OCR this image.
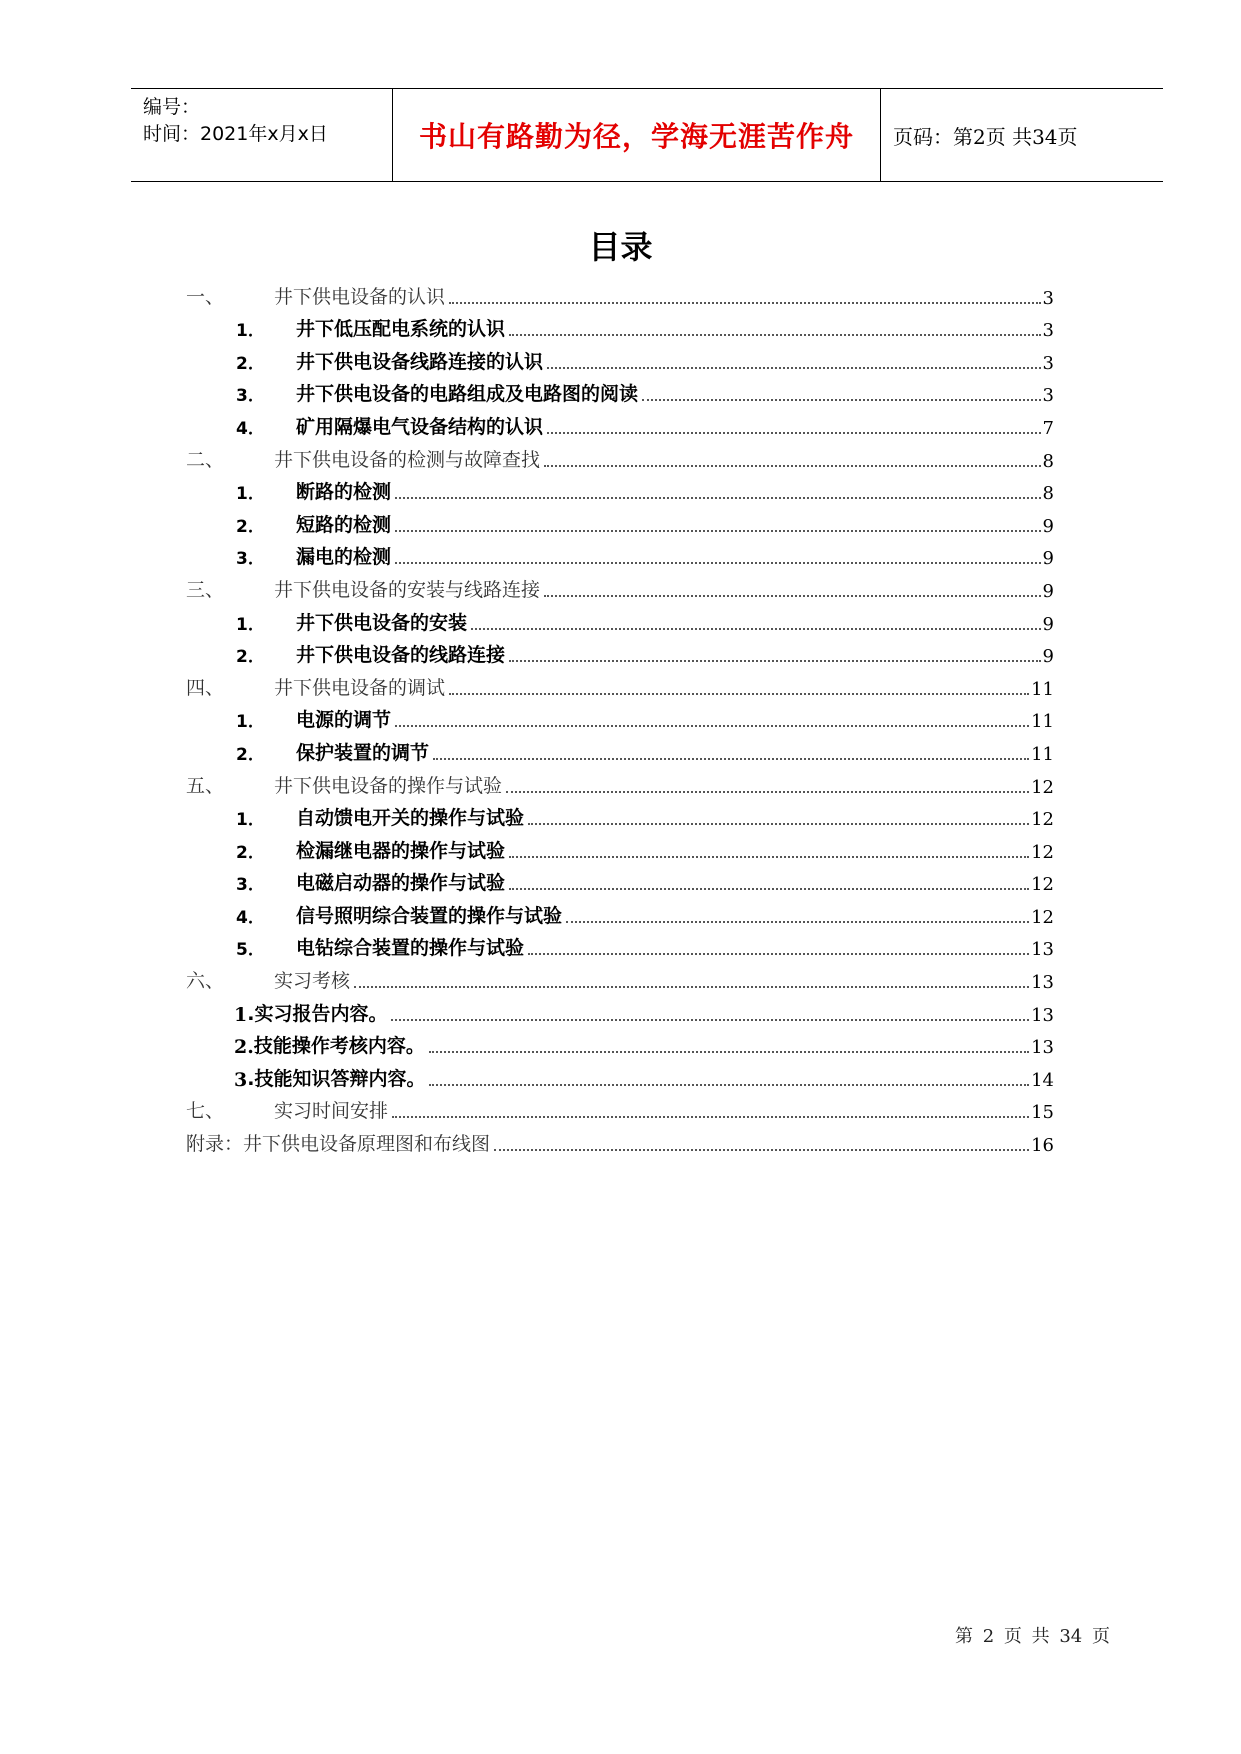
编号：
时间：2021年x月x日	书山有路勤为径，学海无涯苦作舟 页码：第2页 共34页
目录
一、	井下供电设备的认识	3
1．	井下低压配电系统的认识	3
2．	井下供电设备线路连接的认识	3
3．	井下供电设备的电路组成及电路图的阅读	3
4．	矿用隔爆电气设备结构的认识	7
二、	井下供电设备的检测与故障查找	8
1．	断路的检测	8
2．	短路的检测	9
3．	漏电的检测	9
三、	井下供电设备的安装与线路连接	9
1．	井下供电设备的安装	9
2．	井下供电设备的线路连接	9
四、	井下供电设备的调试	11
1．	电源的调节	11
2．	保护装置的调节	11
五、	井下供电设备的操作与试验	12
1．	自动馈电开关的操作与试验	12
2．	检漏继电器的操作与试验	12
3．	电磁启动器的操作与试验	12
4．	信号照明综合装置的操作与试验	12
5．	电钻综合装置的操作与试验	13
六、	实习考核	13
1 .实习报告内容。	13
2. 技能操作考核内容。	13
3 .技能知识答辩内容。	14
七、	实习时间安排	15
附录：井下供电设备原理图和布线图	16
第 2 页 共 34 页
